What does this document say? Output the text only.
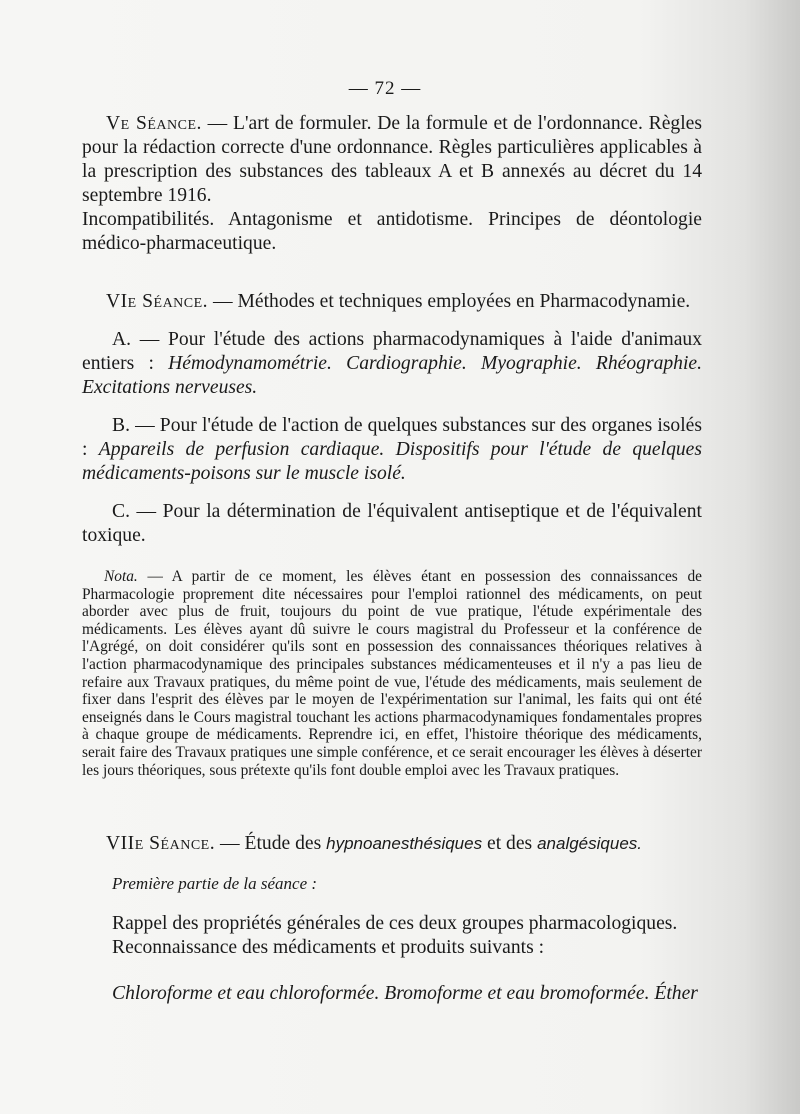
— 72 —

Ve Séance. — L'art de formuler. De la formule et de l'ordonnance. Règles pour la rédaction correcte d'une ordonnance. Règles particulières applicables à la prescription des substances des tableaux A et B annexés au décret du 14 septembre 1916.

Incompatibilités. Antagonisme et antidotisme. Principes de déontologie médico-pharmaceutique.

VIe Séance. — Méthodes et techniques employées en Pharmacodynamie.

A. — Pour l'étude des actions pharmacodynamiques à l'aide d'animaux entiers : Hémodynamométrie. Cardiographie. Myographie. Rhéographie. Excitations nerveuses.

B. — Pour l'étude de l'action de quelques substances sur des organes isolés : Appareils de perfusion cardiaque. Dispositifs pour l'étude de quelques médicaments-poisons sur le muscle isolé.

C. — Pour la détermination de l'équivalent antiseptique et de l'équivalent toxique.

Nota. — A partir de ce moment, les élèves étant en possession des connaissances de Pharmacologie proprement dite nécessaires pour l'emploi rationnel des médicaments, on peut aborder avec plus de fruit, toujours du point de vue pratique, l'étude expérimentale des médicaments. Les élèves ayant dû suivre le cours magistral du Professeur et la conférence de l'Agrégé, on doit considérer qu'ils sont en possession des connaissances théoriques relatives à l'action pharmacodynamique des principales substances médicamenteuses et il n'y a pas lieu de refaire aux Travaux pratiques, du même point de vue, l'étude des médicaments, mais seulement de fixer dans l'esprit des élèves par le moyen de l'expérimentation sur l'animal, les faits qui ont été enseignés dans le Cours magistral touchant les actions pharmacodynamiques fondamentales propres à chaque groupe de médicaments. Reprendre ici, en effet, l'histoire théorique des médicaments, serait faire des Travaux pratiques une simple conférence, et ce serait encourager les élèves à déserter les jours théoriques, sous prétexte qu'ils font double emploi avec les Travaux pratiques.

VIIe Séance. — Étude des hypnoanesthésiques et des analgésiques.

Première partie de la séance :

Rappel des propriétés générales de ces deux groupes pharmacologiques.

Reconnaissance des médicaments et produits suivants :

Chloroforme et eau chloroformée. Bromoforme et eau bromoformée. Éther
